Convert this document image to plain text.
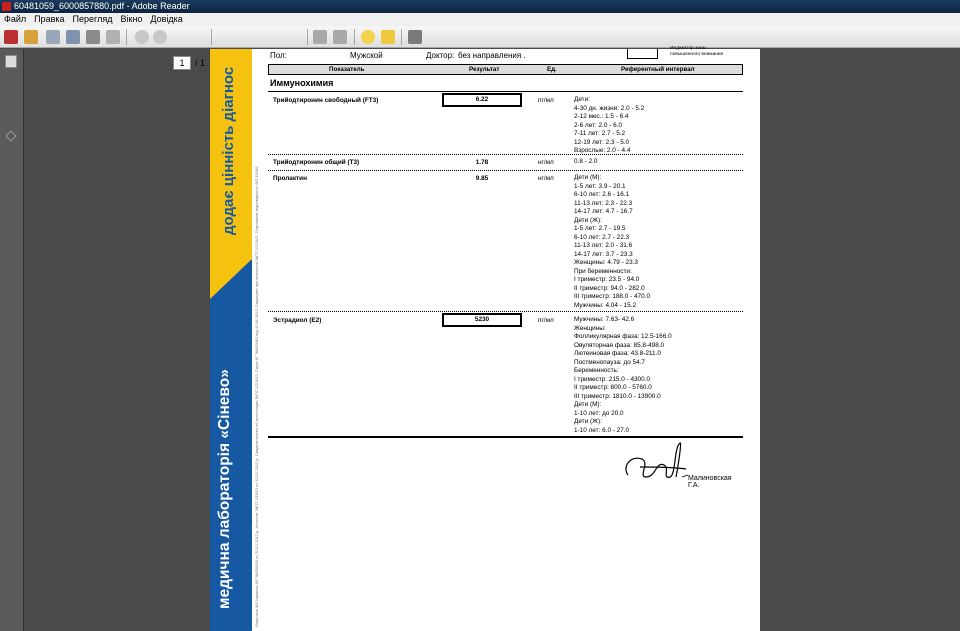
60481059_6000857880.pdf - Adobe Reader
Файл Правка Перегляд Вікно Довідка
1	/ 1
медична лабораторія «Сінево»
додає цінність діагнос
Лицензия МЗ Украины АЕ №459090 от 20.12.2012 р. Аттестат №ПТ-133/12 от 10.12.2012 р. Свидетельство об аттестации №ПТ-1213/12. Серія АГ №603081 від 11.09.2013. Свідоцтво про внесення №ПТ-1213/12. Сертифікат відповідності ISO 15189
Пол:	Мужской	Доктор: без направления .
Индикатор зоны
повышенного внимания
Показатель	Результат	Ед.	Референтный интервал
Иммунохимия
Трийодтиронин свободный (FT3)	6.22	пг/мл	Дети:
4-30 дн. жизни: 2.0 - 5.2
2-12 мес.: 1.5 - 6.4
2-6 лет: 2.0 - 6.0
7-11 лет: 2.7 - 5.2
12-19 лет: 2.3 - 5.0
Взрослые: 2.0 - 4.4
Трийодтиронин общий (T3)	1.78	нг/мл	0.8 - 2.0
Пролактин	9.85	нг/мл	Дети (М):
1-5 лет: 3.9 - 20.1
6-10 лет: 2.6 - 16.1
11-13 лет: 2.3 - 22.3
14-17 лет: 4.7 - 16.7
Дети (Ж):
1-5 лет: 2.7 - 19.5
6-10 лет: 2.7 - 22.3
11-13 лет: 2.0 - 31.6
14-17 лет: 3.7 - 23.3
Женщины: 4.79 - 23.3
При беременности:
I триместр: 23.5 - 94.0
II триместр: 94.0 - 282.0
III триместр: 188.0 - 470.0
Мужчины: 4.04 - 15.2
Эстрадиол (E2)	5230	пг/мл	Мужчины: 7.63- 42.6
Женщины:
Фолликулярная фаза: 12.5-166.0
Овуляторная фаза: 85.8-498.0
Лютеиновая фаза: 43.8-211.0
Постменопауза: до 54.7
Беременность:
I триместр: 215.0 - 4300.0
II триместр: 800.0 - 5760.0
III триместр: 1810.0 - 13900.0
Дети (М):
1-10 лет: до 20.0
Дети (Ж):
1-10 лет: 6.0 - 27.0
Малиновская Г.А.
